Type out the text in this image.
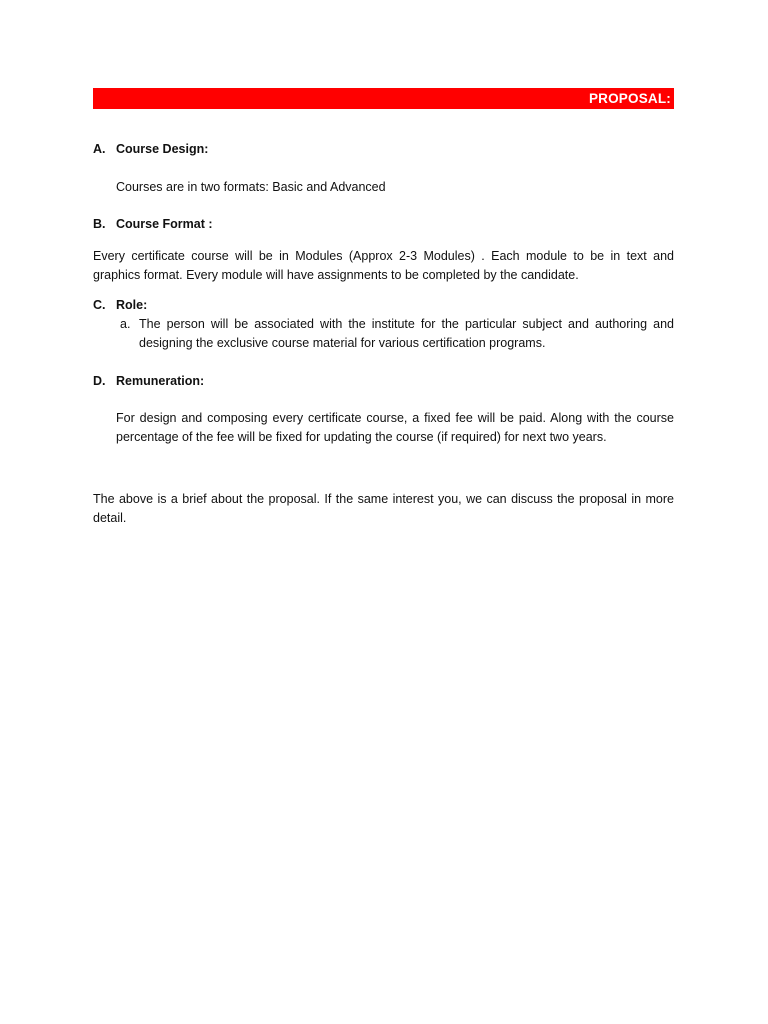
PROPOSAL:
A. Course Design:
Courses are in two formats: Basic and Advanced
B. Course Format :
Every certificate course will be in Modules (Approx 2-3 Modules) . Each module to be in text and graphics format. Every module will have assignments to be completed by the candidate.
C. Role:
a. The person will be associated with the institute for the particular subject and authoring and designing the exclusive course material for various certification programs.
D. Remuneration:
For design and composing every certificate course, a fixed fee will be paid. Along with the course percentage of the fee will be fixed for updating the course (if required) for next two years.
The above is a brief about the proposal. If the same interest you, we can discuss the proposal in more detail.
